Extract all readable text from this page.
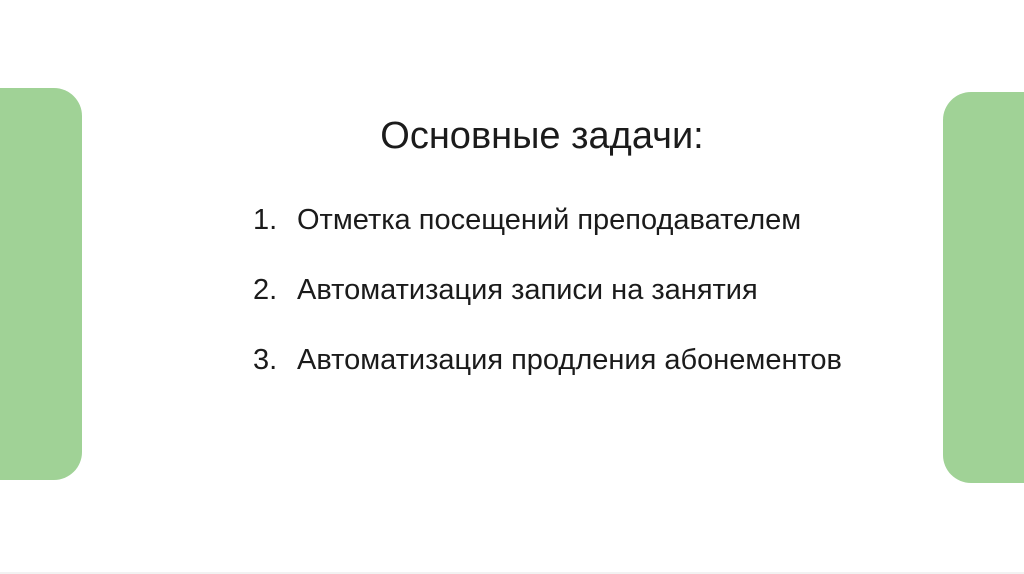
Основные задачи:
1. Отметка посещений преподавателем
2. Автоматизация записи на занятия
3. Автоматизация продления абонементов
